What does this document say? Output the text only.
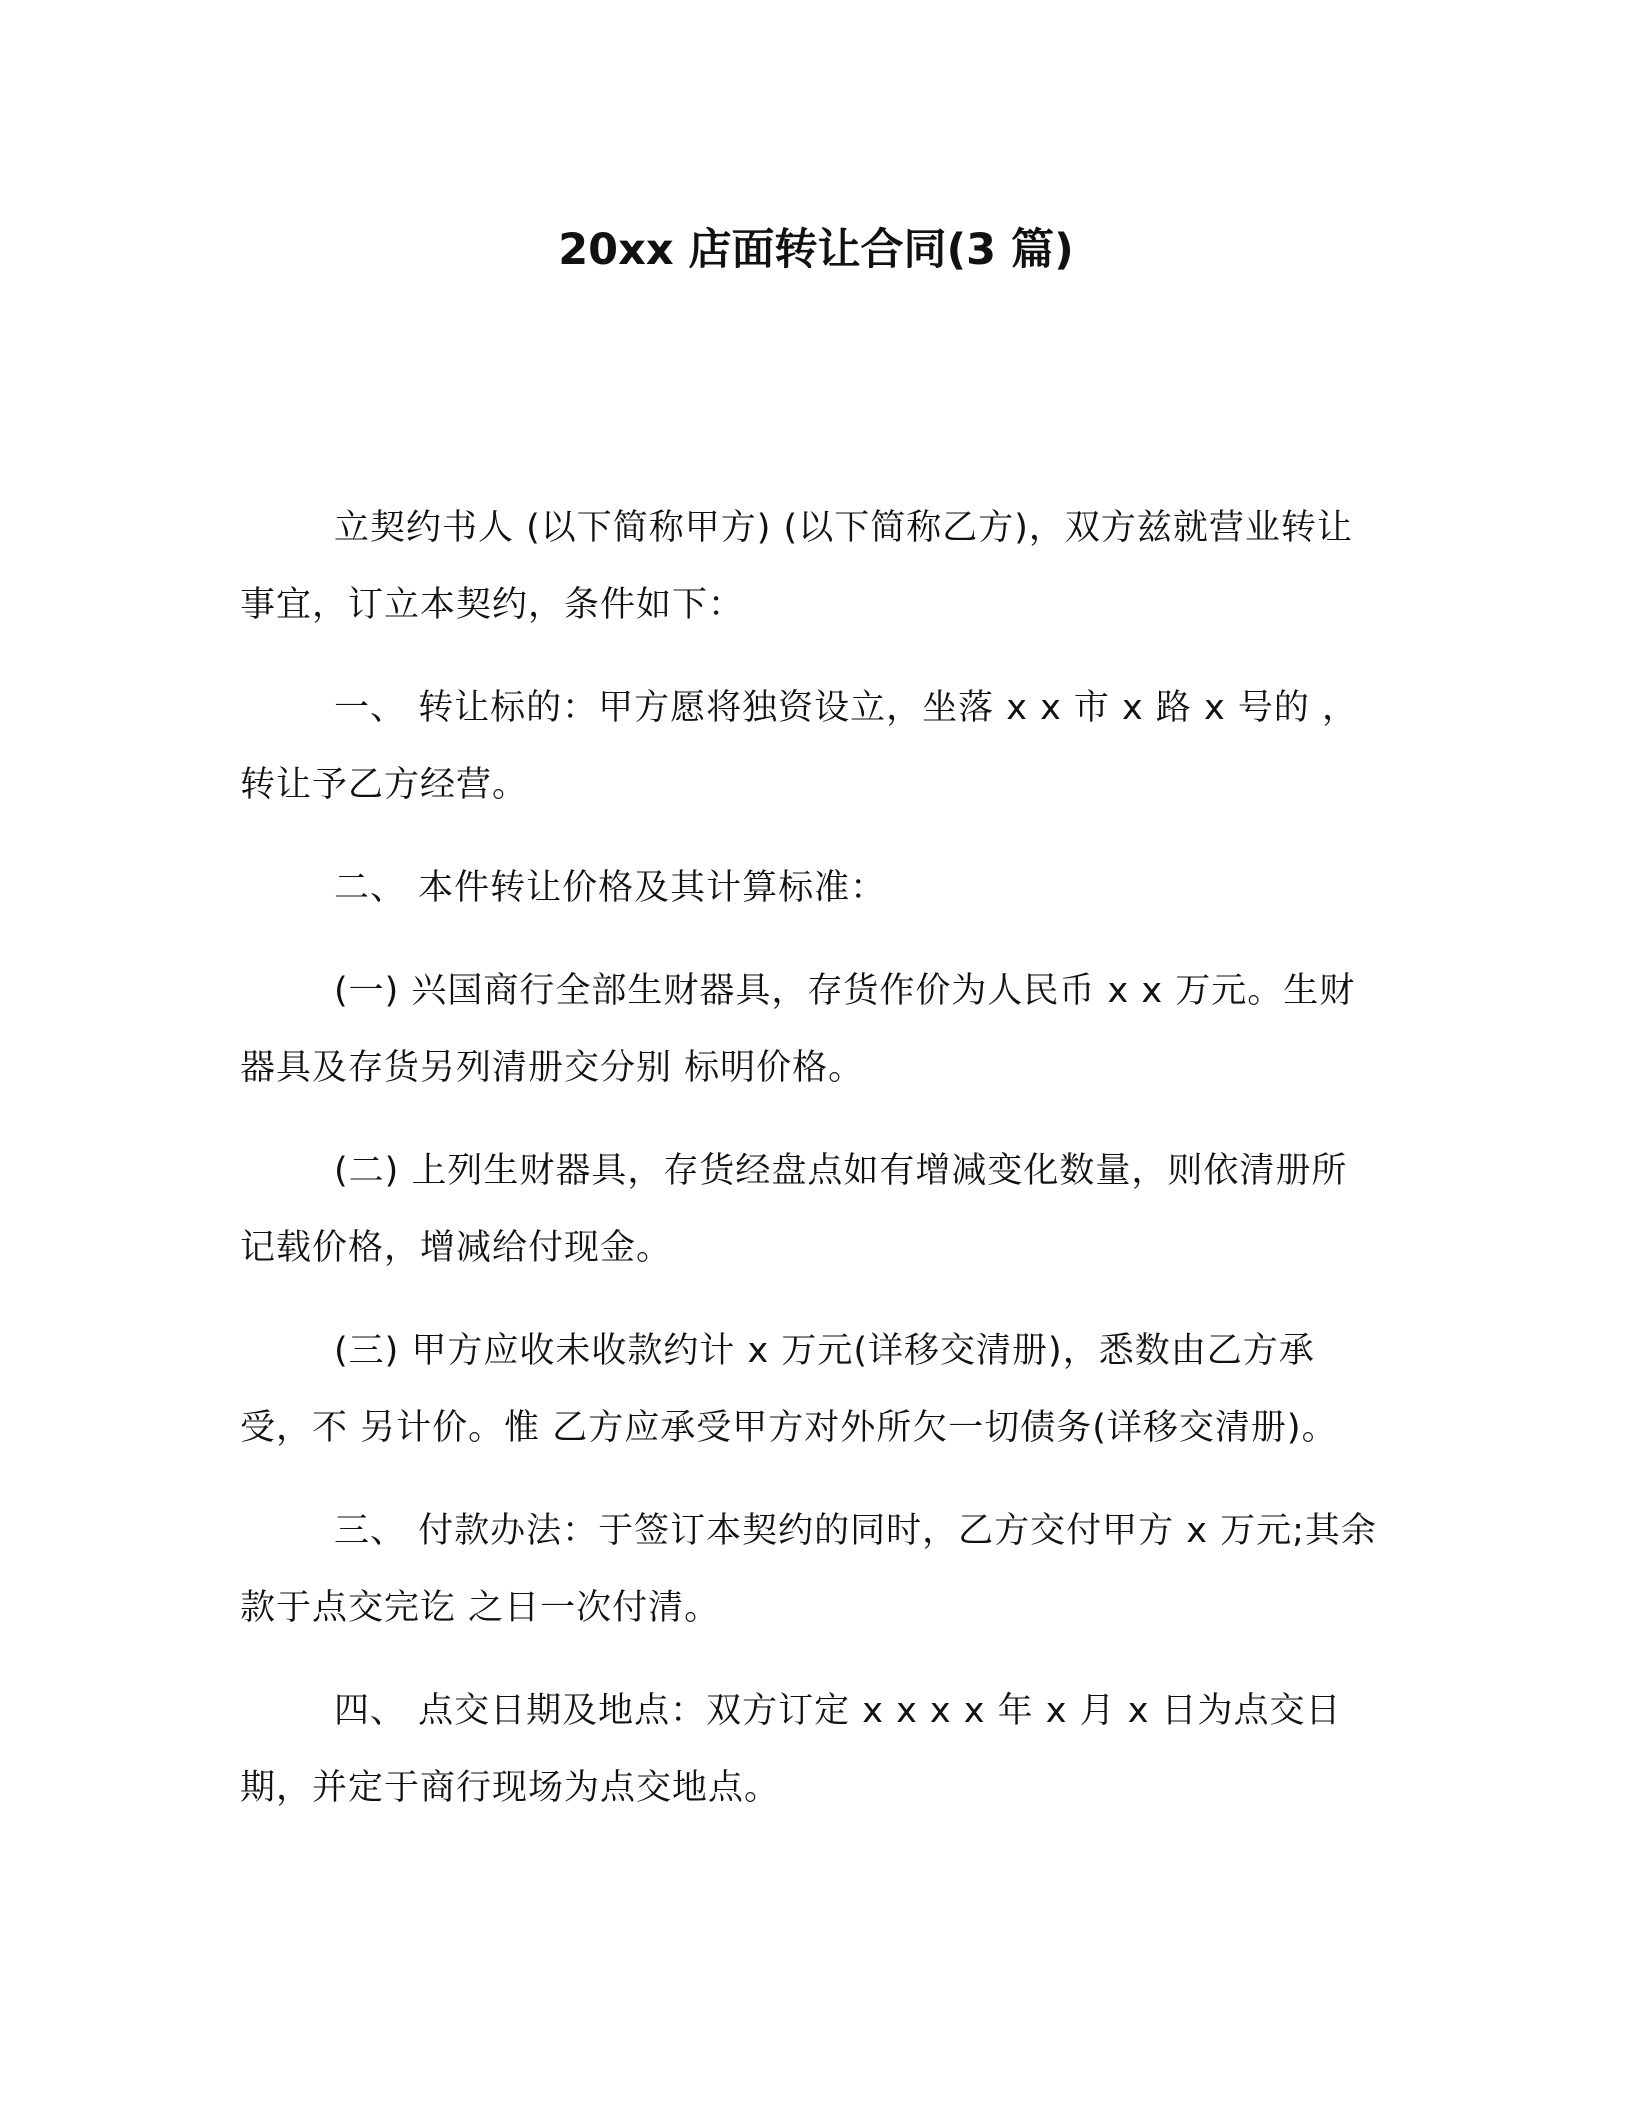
20xx 店面转让合同(3 篇)

立契约书人 (以下简称甲方) (以下简称乙方)，双方兹就营业转让事宜，订立本契约，条件如下：

一、 转让标的：甲方愿将独资设立，坐落 x x 市 x 路 x 号的 ，转让予乙方经营。

二、 本件转让价格及其计算标准：

(一) 兴国商行全部生财器具，存货作价为人民币 x x 万元。生财器具及存货另列清册交分别 标明价格。

(二) 上列生财器具，存货经盘点如有增减变化数量，则依清册所记载价格，增减给付现金。

(三) 甲方应收未收款约计 x 万元(详移交清册)，悉数由乙方承受，不 另计价。惟 乙方应承受甲方对外所欠一切债务(详移交清册)。

三、 付款办法：于签订本契约的同时，乙方交付甲方 x 万元;其余款于点交完讫 之日一次付清。

四、 点交日期及地点：双方订定 x x x x 年 x 月 x 日为点交日期，并定于商行现场为点交地点。
